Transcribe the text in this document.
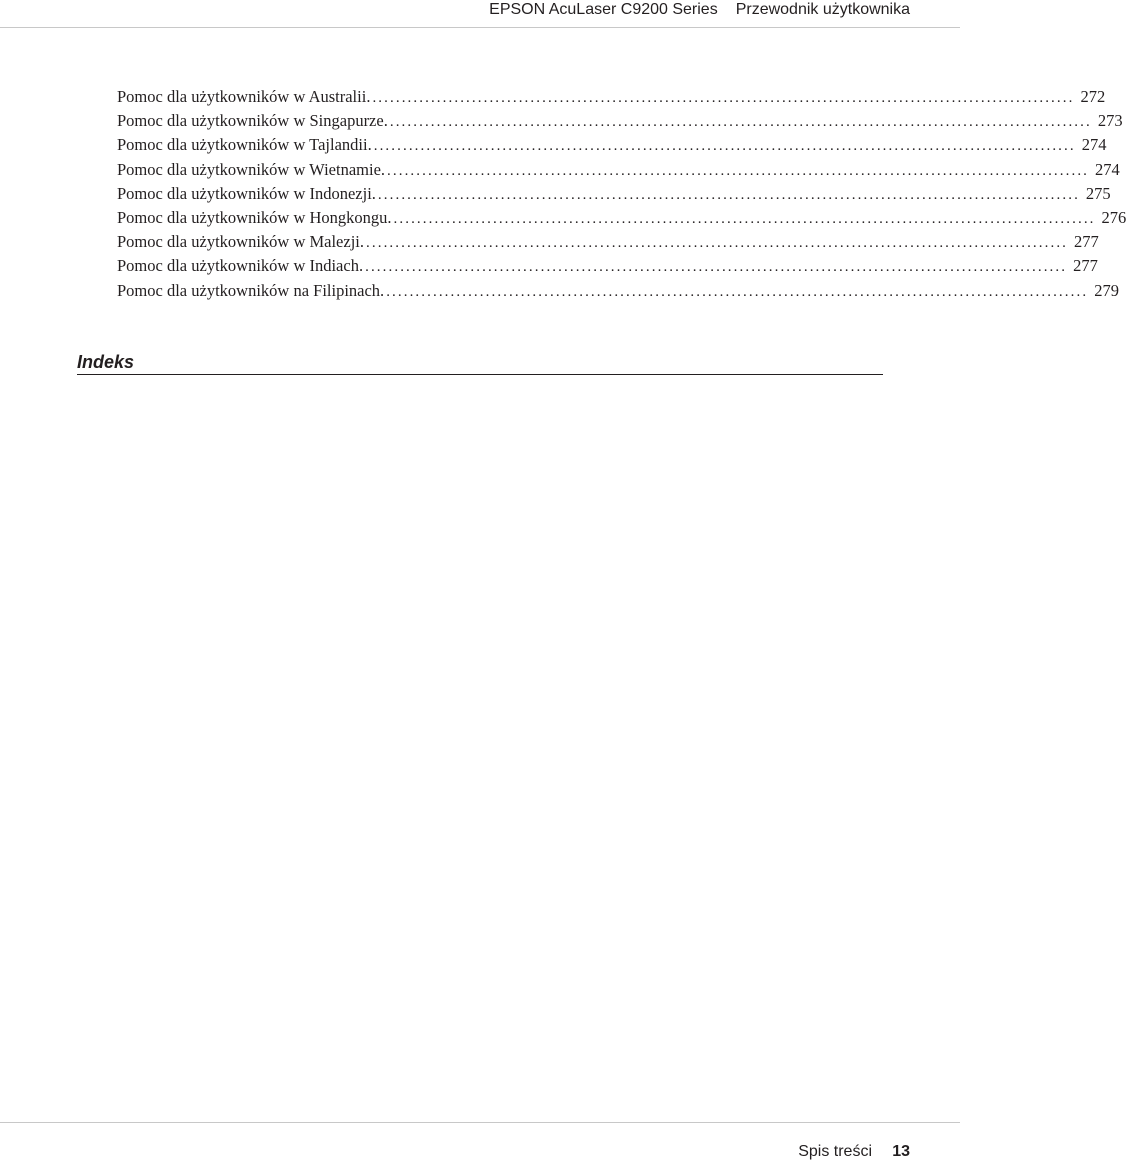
EPSON AcuLaser C9200 Series Przewodnik użytkownika
Pomoc dla użytkowników w Australii. ........................................................................................................................ 272
Pomoc dla użytkowników w Singapurze. ........................................................................................................................ 273
Pomoc dla użytkowników w Tajlandii. ........................................................................................................................ 274
Pomoc dla użytkowników w Wietnamie. ........................................................................................................................ 274
Pomoc dla użytkowników w Indonezji. ........................................................................................................................ 275
Pomoc dla użytkowników w Hongkongu. ........................................................................................................................ 276
Pomoc dla użytkowników w Malezji. ........................................................................................................................ 277
Pomoc dla użytkowników w Indiach. ........................................................................................................................ 277
Pomoc dla użytkowników na Filipinach. ........................................................................................................................ 279
Indeks
Spis treści 13
